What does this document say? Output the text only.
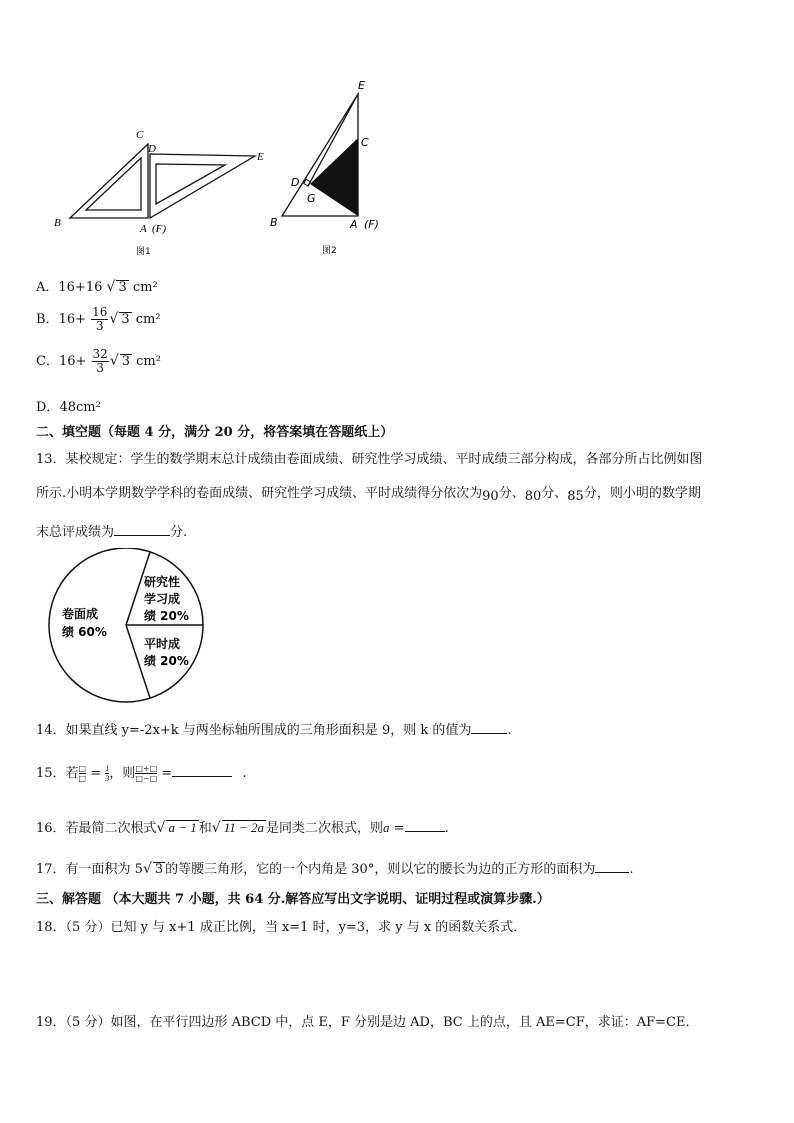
C
D
E
B	A (F)
图1
E
C
D
G
B	A (F)
图2
A．16+16 √ 3 cm²
B．$16+ \frac{16}{3}$ √ 3 cm²
C．$16+ \frac{32}{3}$ √ 3 cm²
D．48cm²
二、填空题（每题 4 分，满分 20 分，将答案填在答题纸上）
13．某校规定：学生的数学期末总计成绩由卷面成绩、研究性学习成绩、平时成绩三部分构成，各部分所占比例如图
所示.小明本学期数学学科的卷面成绩、研究性学习成绩、平时成绩得分依次为90分、80分、85分，则小明的数学期
末总评成绩为	分.
卷面成
绩 60%
研究性
学习成
绩 20%
平时成
绩 20%
14．如果直线 y=-2x+k 与两坐标轴所围成的三角形面积是 9，则 k 的值为	.
15．若 $\frac{□}{□} = \frac{1}{3}$，则 $\frac{□+□}{□-□}$ =	.
16．若最简二次根式√ a − 1 和√ 11 − 2a 是同类二次根式，则a =	.
17．有一面积为 5√ 3 的等腰三角形，它的一个内角是 30°，则以它的腰长为边的正方形的面积为	.
三、解答题 （本大题共 7 小题，共 64 分.解答应写出文字说明、证明过程或演算步骤.）
18．（5 分）已知 y 与 x+1 成正比例，当 x=1 时，y=3，求 y 与 x 的函数关系式．
19．（5 分）如图，在平行四边形 ABCD 中，点 E，F 分别是边 AD，BC 上的点，且 AE=CF，求证：AF=CE．
